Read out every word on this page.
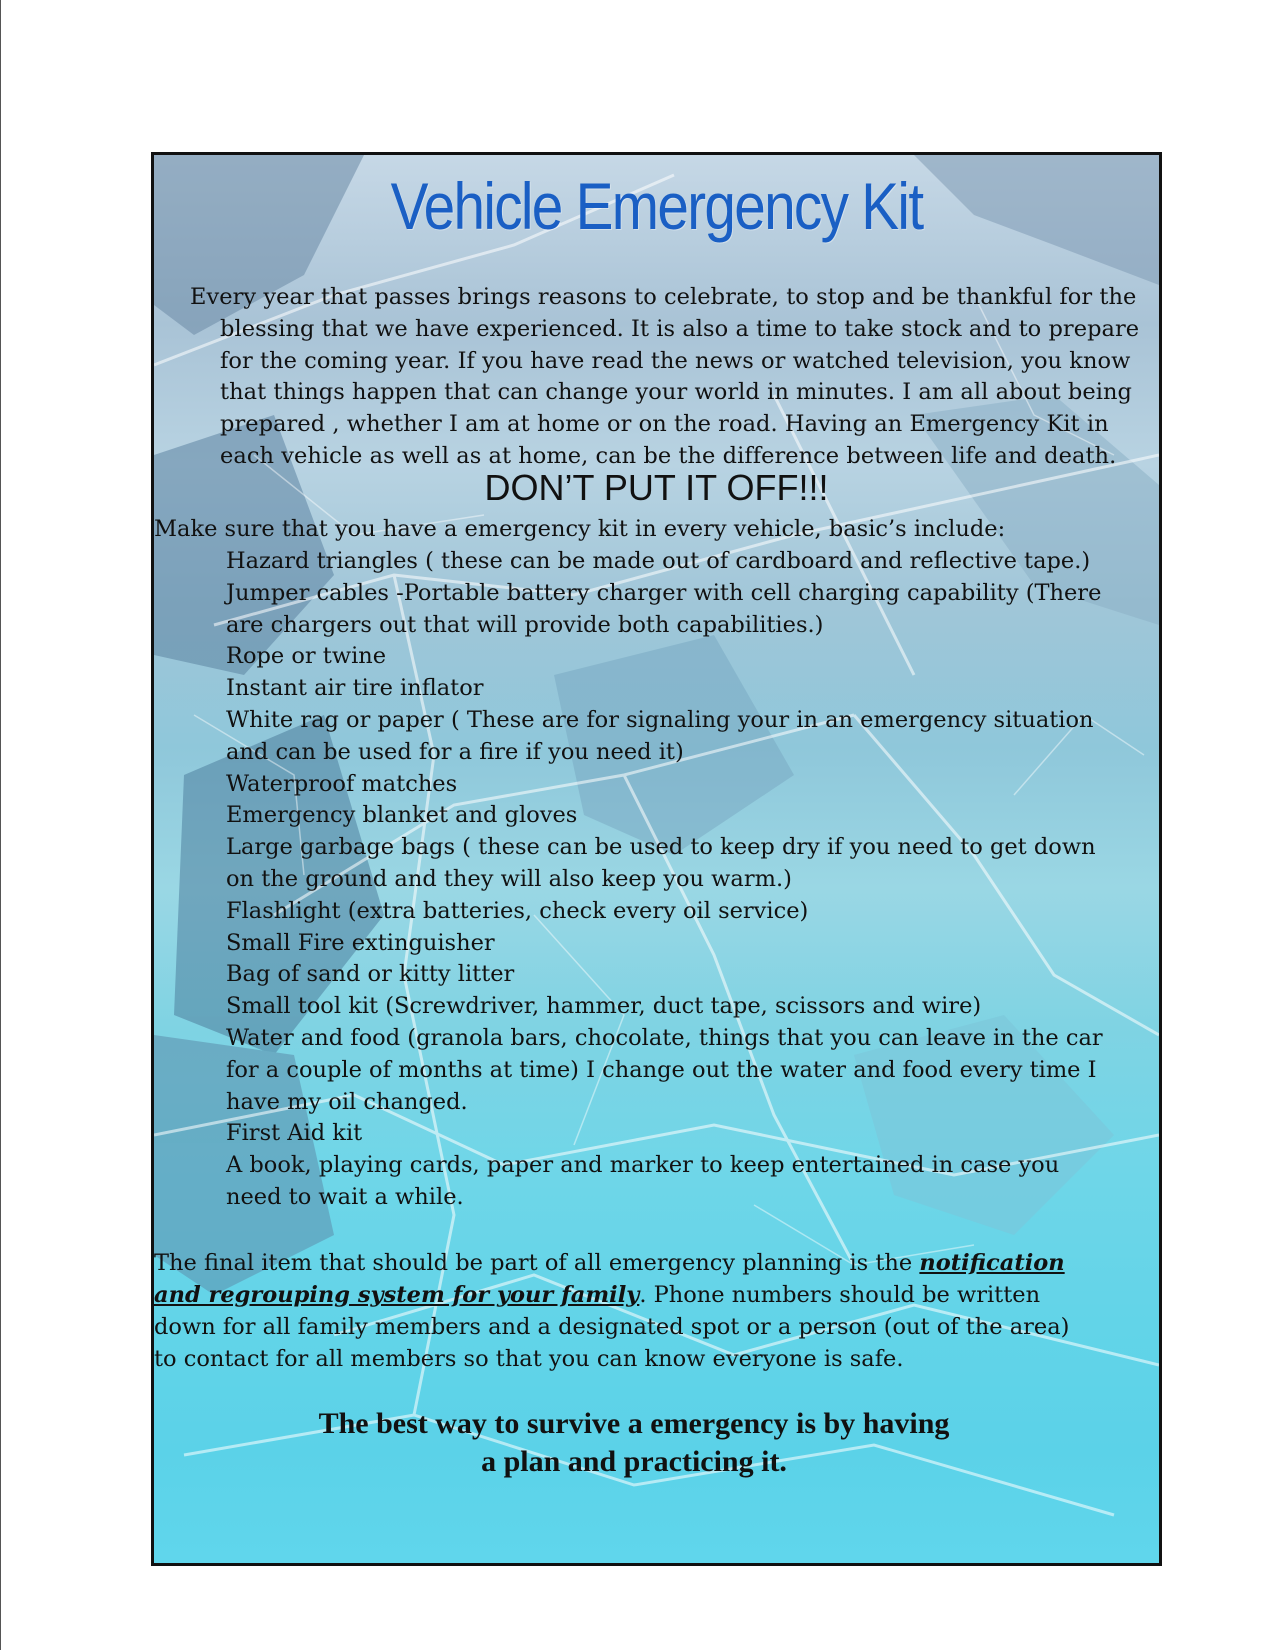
Vehicle Emergency Kit
Every year that passes brings reasons to celebrate, to stop and be thankful for the blessing that we have experienced. It is also a time to take stock and to prepare for the coming year. If you have read the news or watched television, you know that things happen that can change your world in minutes. I am all about being prepared , whether I am at home or on the road. Having an Emergency Kit in each vehicle as well as at home, can be the difference between life and death.
DON’T PUT IT OFF!!!
Make sure that you have a emergency kit in every vehicle, basic’s include:
Hazard triangles ( these can be made out of cardboard and reflective tape.)
Jumper cables -Portable battery charger with cell charging capability (There are chargers out that will provide both capabilities.)
Rope or twine
Instant air tire inflator
White rag or paper ( These are for signaling your in an emergency situation and can be used for a fire if you need it)
Waterproof matches
Emergency blanket and gloves
Large garbage bags ( these can be used to keep dry if you need to get down on the ground and they will also keep you warm.)
Flashlight (extra batteries, check every oil service)
Small Fire extinguisher
Bag of sand or kitty litter
Small tool kit (Screwdriver, hammer, duct tape, scissors and wire)
Water and food (granola bars, chocolate, things that you can leave in the car for a couple of months at time) I change out the water and food every time I have my oil changed.
First Aid kit
A book, playing cards, paper and marker to keep entertained in case you need to wait a while.
The final item that should be part of all emergency planning is the notification and regrouping system for your family. Phone numbers should be written down for all family members and a designated spot or a person (out of the area) to contact for all members so that you can know everyone is safe.
The best way to survive a emergency is by having
a plan and practicing it.
